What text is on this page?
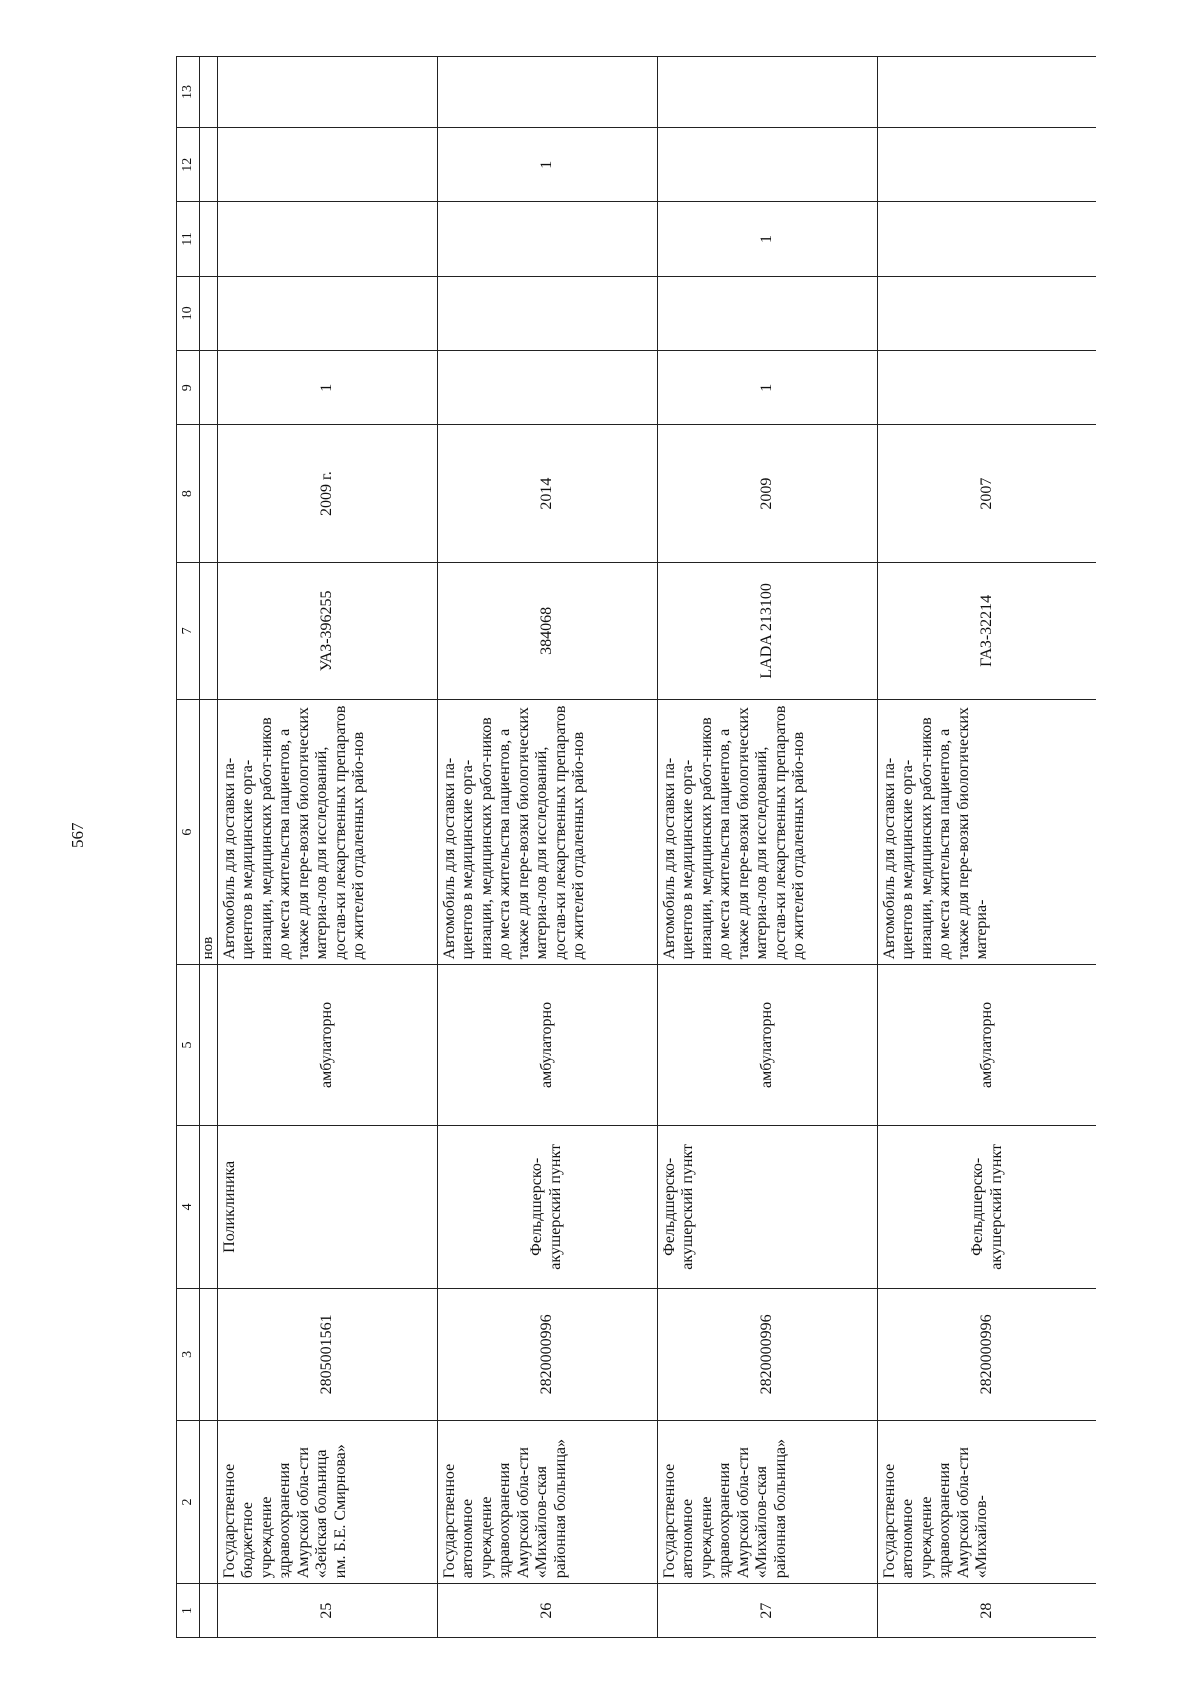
567
1	2	3	4	5	6	7	8	9	10	11	12	13
					нов							
25	Государственное бюджетное учреждение здравоохранения Амурской обла-сти «Зейская больница им. Б.Е. Смирнова»	2805001561	Поликлиника	амбулаторно	Автомобиль для доставки па-циентов в медицинские орга-низации, медицинских работ-ников до места жительства пациентов, а также для пере-возки биологических материа-лов для исследований, достав-ки лекарственных препаратов до жителей отдаленных райо-нов	УАЗ-396255	2009 г.	1				
26	Государственное автономное учреждение здравоохранения Амурской обла-сти «Михайлов-ская районная больница»	2820000996	Фельдшерско-акушерский пункт	амбулаторно	Автомобиль для доставки па-циентов в медицинские орга-низации, медицинских работ-ников до места жительства пациентов, а также для пере-возки биологических материа-лов для исследований, достав-ки лекарственных препаратов до жителей отдаленных райо-нов	384068	2014				1	
27	Государственное автономное учреждение здравоохранения Амурской обла-сти «Михайлов-ская районная больница»	2820000996	Фельдшерско-акушерский пункт	амбулаторно	Автомобиль для доставки па-циентов в медицинские орга-низации, медицинских работ-ников до места жительства пациентов, а также для пере-возки биологических материа-лов для исследований, достав-ки лекарственных препаратов до жителей отдаленных райо-нов	LADA 213100	2009	1		1		
28	Государственное автономное учреждение здравоохранения Амурской обла-сти «Михайлов-	2820000996	Фельдшерско-акушерский пункт	амбулаторно	Автомобиль для доставки па-циентов в медицинские орга-низации, медицинских работ-ников до места жительства пациентов, а также для пере-возки биологических материа-	ГАЗ-32214	2007					
